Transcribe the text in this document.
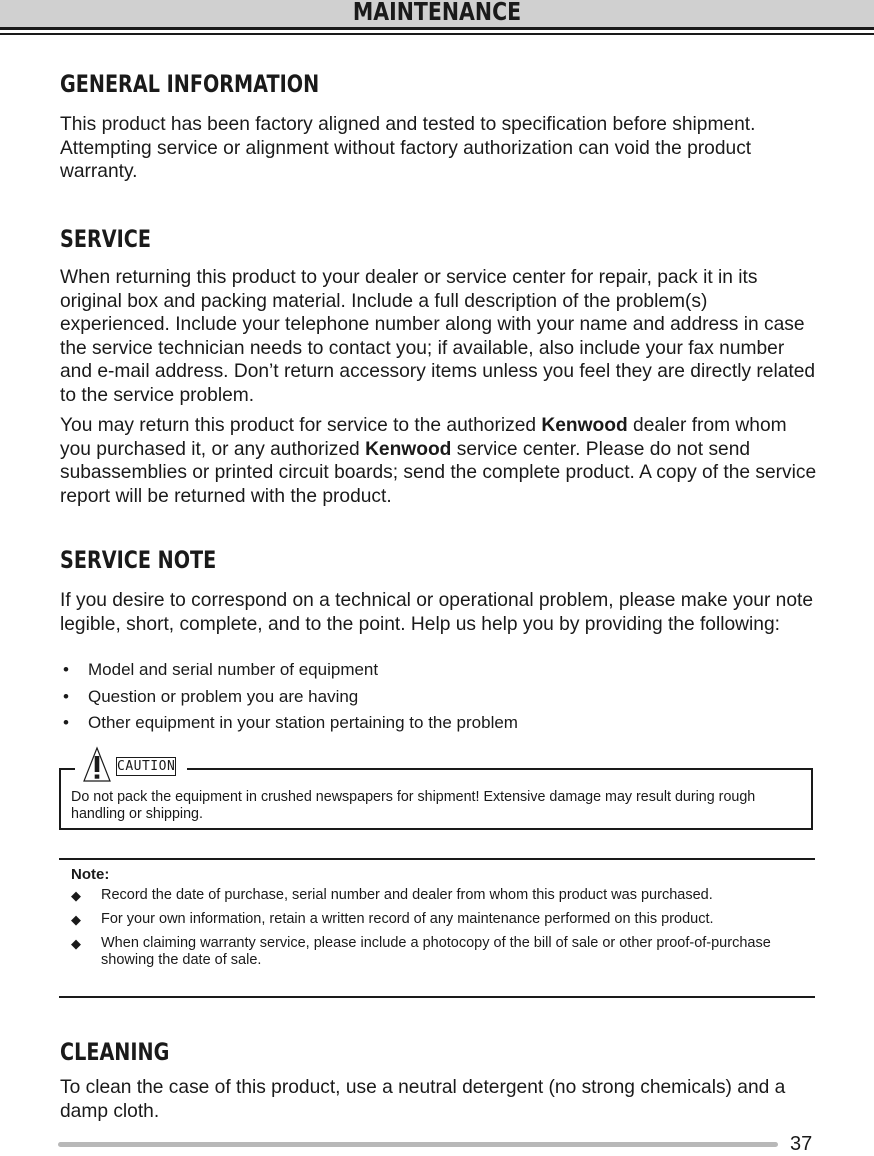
MAINTENANCE
GENERAL INFORMATION

This product has been factory aligned and tested to specification before shipment. Attempting service or alignment without factory authorization can void the product warranty.

SERVICE

When returning this product to your dealer or service center for repair, pack it in its original box and packing material. Include a full description of the problem(s) experienced. Include your telephone number along with your name and address in case the service technician needs to contact you; if available, also include your fax number and e-mail address. Don’t return accessory items unless you feel they are directly related to the service problem.

You may return this product for service to the authorized Kenwood dealer from whom you purchased it, or any authorized Kenwood service center. Please do not send subassemblies or printed circuit boards; send the complete product. A copy of the service report will be returned with the product.

SERVICE NOTE

If you desire to correspond on a technical or operational problem, please make your note legible, short, complete, and to the point. Help us help you by providing the following:

• Model and serial number of equipment
• Question or problem you are having
• Other equipment in your station pertaining to the problem
CAUTION

Do not pack the equipment in crushed newspapers for shipment! Extensive damage may result during rough handling or shipping.

Note:

◆ Record the date of purchase, serial number and dealer from whom this product was purchased.
◆ For your own information, retain a written record of any maintenance performed on this product.
◆ When claiming warranty service, please include a photocopy of the bill of sale or other proof-of-purchase showing the date of sale.
CLEANING

To clean the case of this product, use a neutral detergent (no strong chemicals) and a damp cloth.

37
